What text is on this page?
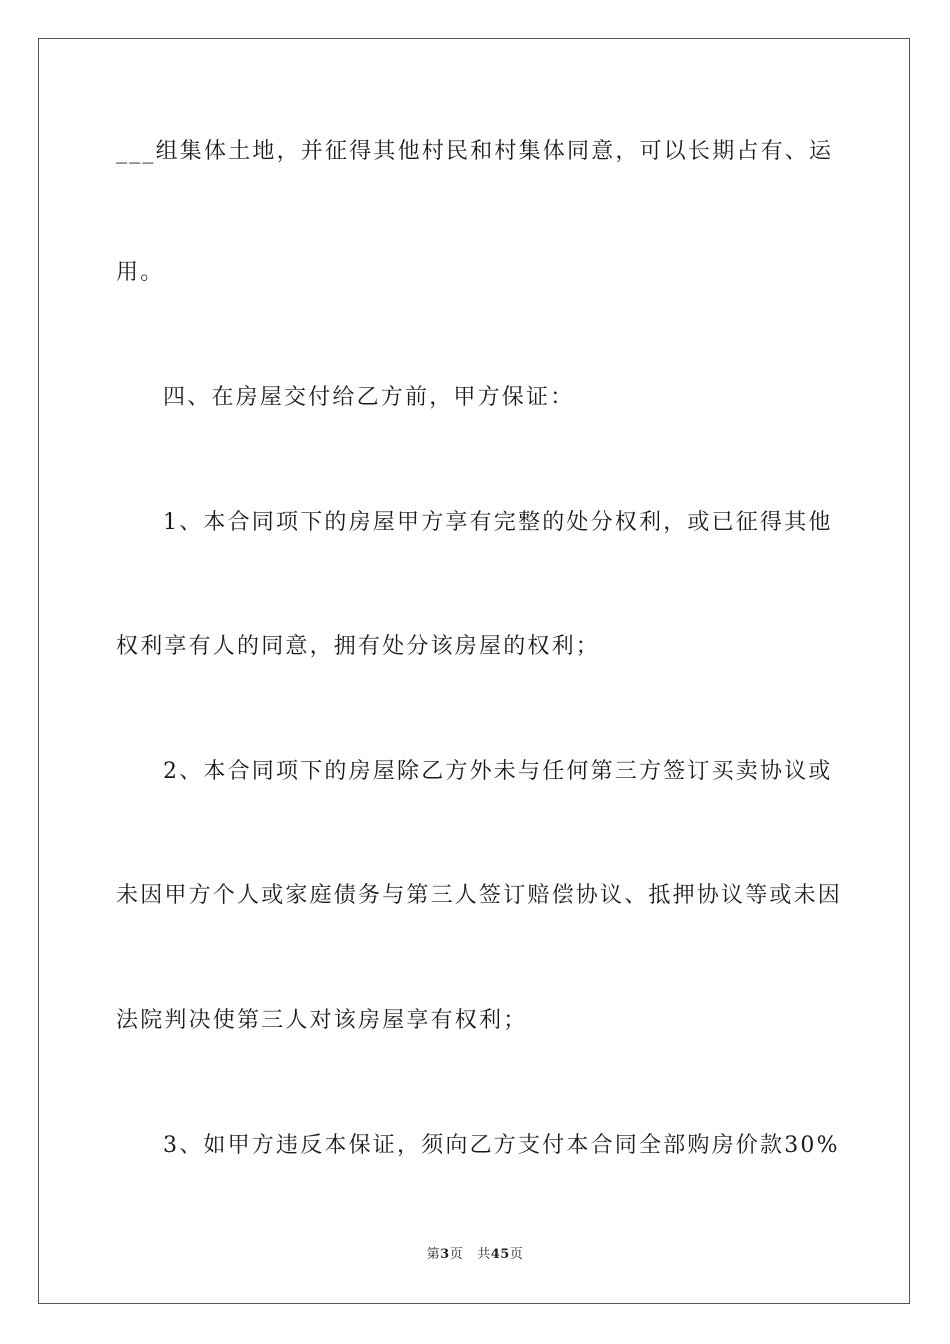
___组集体土地，并征得其他村民和村集体同意，可以长期占有、运
用。
四、在房屋交付给乙方前，甲方保证：
1、本合同项下的房屋甲方享有完整的处分权利，或已征得其他
权利享有人的同意，拥有处分该房屋的权利；
2、本合同项下的房屋除乙方外未与任何第三方签订买卖协议或
未因甲方个人或家庭债务与第三人签订赔偿协议、抵押协议等或未因
法院判决使第三人对该房屋享有权利；
3、如甲方违反本保证，须向乙方支付本合同全部购房价款30%
第3页 共45页
